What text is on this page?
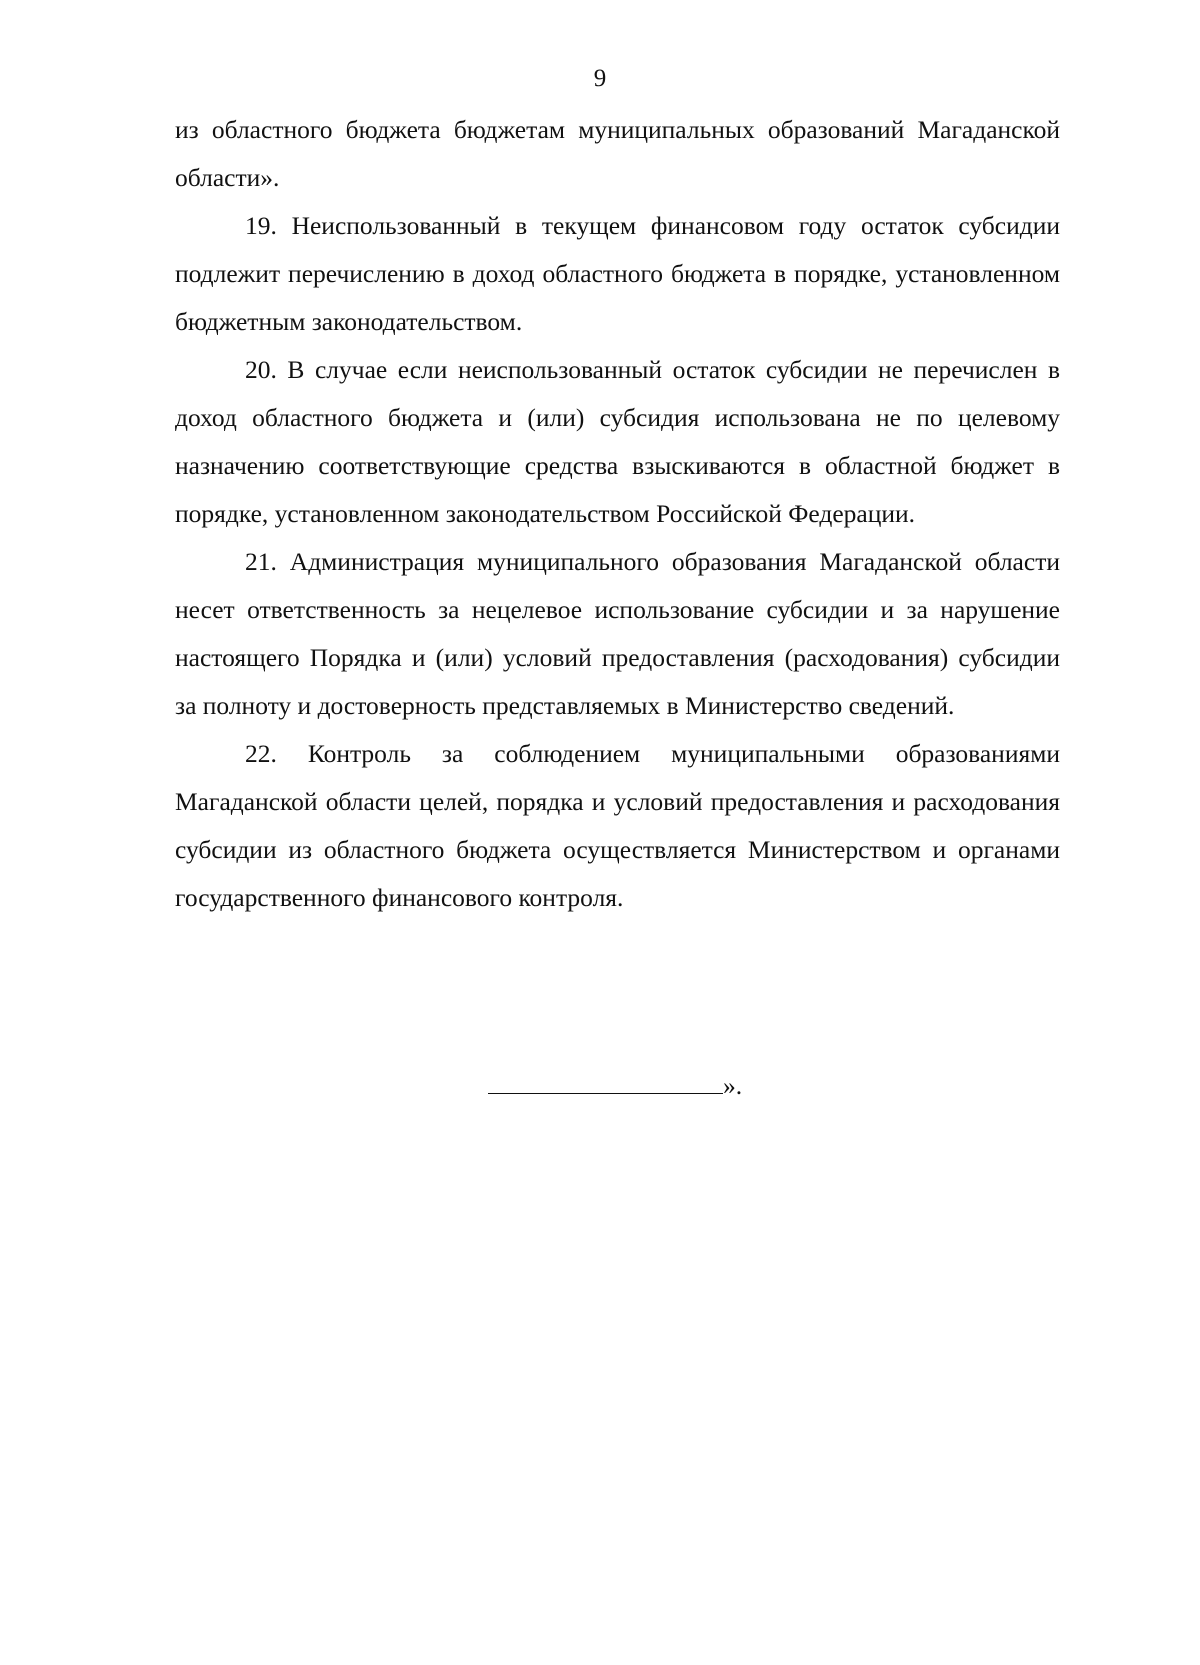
9

из областного бюджета бюджетам муниципальных образований Магаданской области».

19. Неиспользованный в текущем финансовом году остаток субсидии подлежит перечислению в доход областного бюджета в порядке, установленном бюджетным законодательством.

20. В случае если неиспользованный остаток субсидии не перечислен в доход областного бюджета и (или) субсидия использована не по целевому назначению соответствующие средства взыскиваются в областной бюджет в порядке, установленном законодательством Российской Федерации.

21. Администрация муниципального образования Магаданской области несет ответственность за нецелевое использование субсидии и за нарушение настоящего Порядка и (или) условий предоставления (расходования) субсидии за полноту и достоверность представляемых в Министерство сведений.

22. Контроль за соблюдением муниципальными образованиями Магаданской области целей, порядка и условий предоставления и расходования субсидии из областного бюджета осуществляется Министерством и органами государственного финансового контроля.

».
